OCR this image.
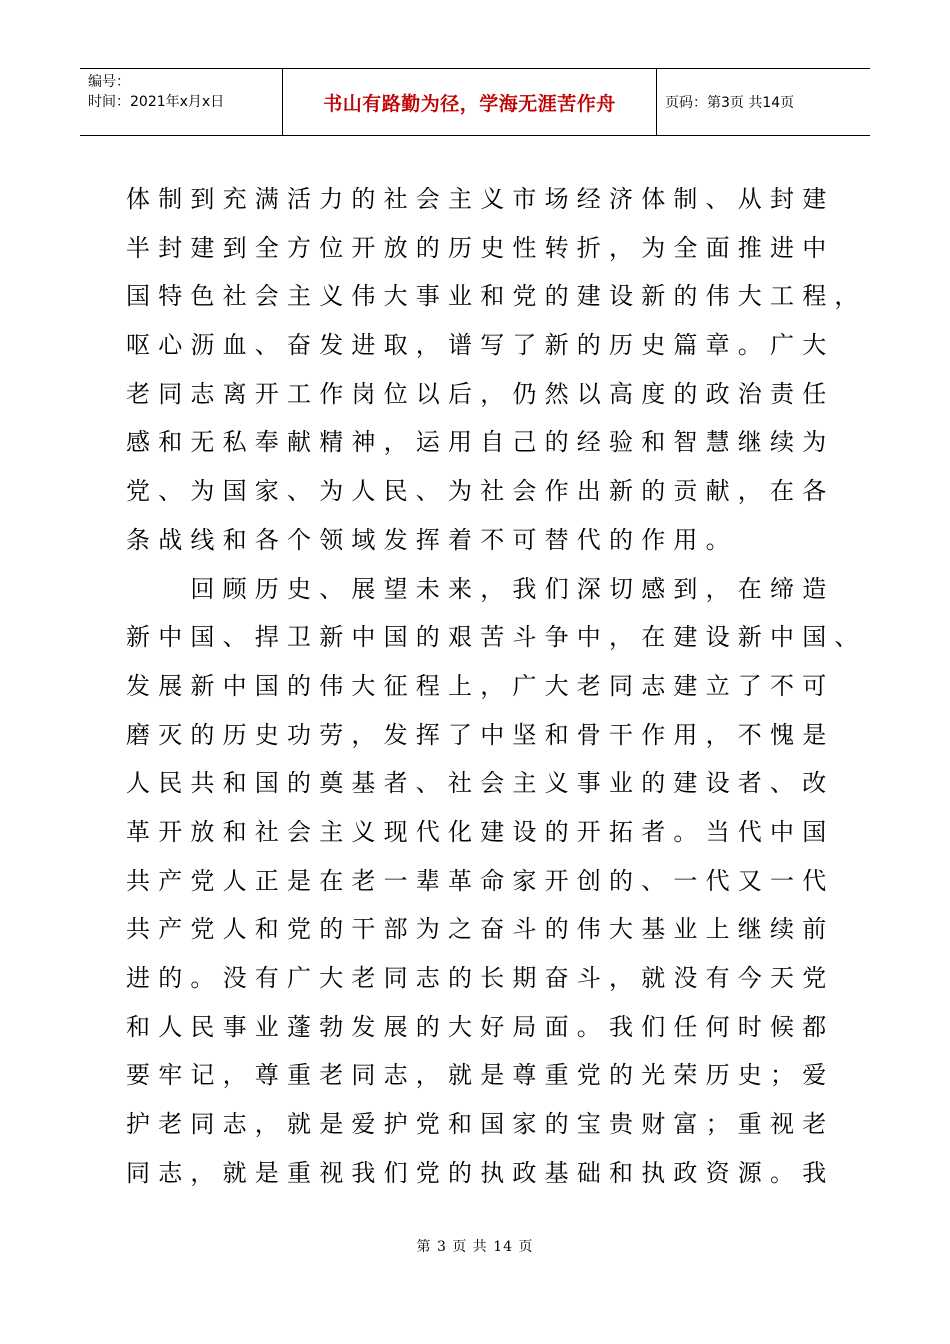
编号：
时间：2021年x月x日	书山有路勤为径，学海无涯苦作舟	页码：第3页 共14页
体制到充满活力的社会主义市场经济体制、从封建
半封建到全方位开放的历史性转折，为全面推进中
国特色社会主义伟大事业和党的建设新的伟大工程，
呕心沥血、奋发进取，谱写了新的历史篇章。广大
老同志离开工作岗位以后，仍然以高度的政治责任
感和无私奉献精神，运用自己的经验和智慧继续为
党、为国家、为人民、为社会作出新的贡献，在各
条战线和各个领域发挥着不可替代的作用。
　　回顾历史、展望未来，我们深切感到，在缔造
新中国、捍卫新中国的艰苦斗争中，在建设新中国、
发展新中国的伟大征程上，广大老同志建立了不可
磨灭的历史功劳，发挥了中坚和骨干作用，不愧是
人民共和国的奠基者、社会主义事业的建设者、改
革开放和社会主义现代化建设的开拓者。当代中国
共产党人正是在老一辈革命家开创的、一代又一代
共产党人和党的干部为之奋斗的伟大基业上继续前
进的。没有广大老同志的长期奋斗，就没有今天党
和人民事业蓬勃发展的大好局面。我们任何时候都
要牢记，尊重老同志，就是尊重党的光荣历史；爱
护老同志，就是爱护党和国家的宝贵财富；重视老
同志，就是重视我们党的执政基础和执政资源。我
第 3 页 共 14 页
